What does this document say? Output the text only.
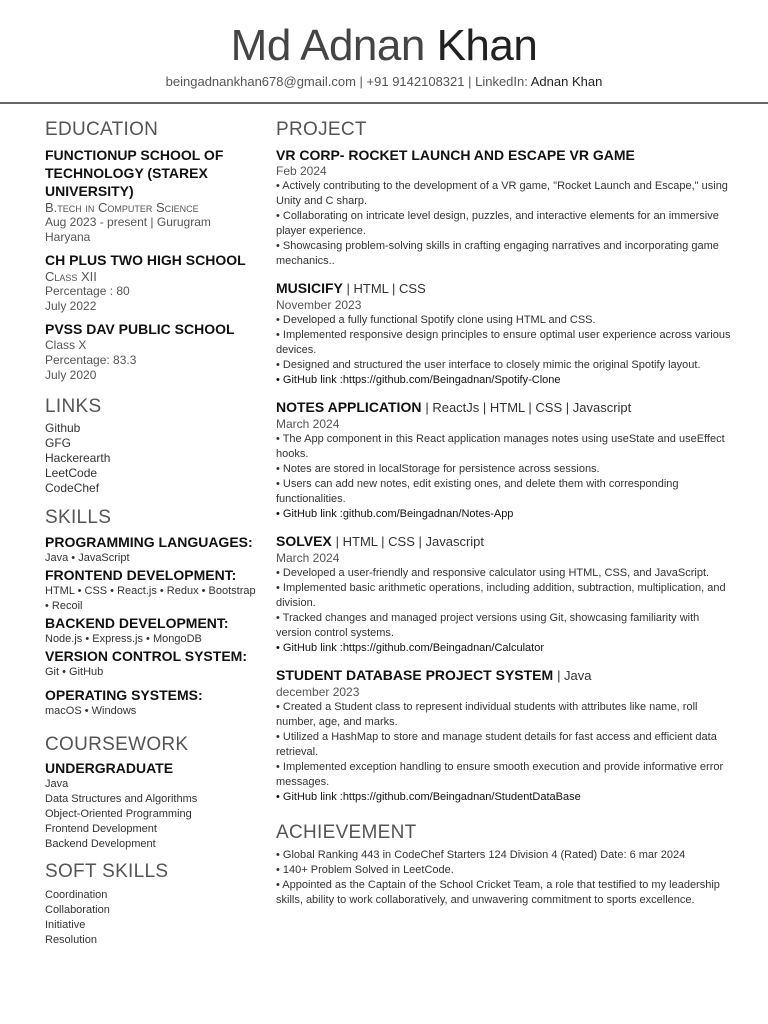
Md Adnan Khan
beingadnankhan678@gmail.com | +91 9142108321 | LinkedIn: Adnan Khan
EDUCATION
FUNCTIONUP SCHOOL OF TECHNOLOGY (STAREX UNIVERSITY)
B.tech in Computer Science
Aug 2023 - present | Gurugram
Haryana
CH PLUS TWO HIGH SCHOOL
Class XII
Percentage : 80
July 2022
PVSS DAV PUBLIC SCHOOL
Class X
Percentage: 83.3
July 2020
LINKS
Github
GFG
Hackerearth
LeetCode
CodeChef
SKILLS
PROGRAMMING LANGUAGES:
Java • JavaScript
FRONTEND DEVELOPMENT:
HTML • CSS • React.js • Redux • Bootstrap • Recoil
BACKEND DEVELOPMENT:
Node.js • Express.js • MongoDB
VERSION CONTROL SYSTEM:
Git • GitHub
OPERATING SYSTEMS:
macOS • Windows
COURSEWORK
UNDERGRADUATE
Java
Data Structures and Algorithms
Object-Oriented Programming
Frontend Development
Backend Development
SOFT SKILLS
Coordination
Collaboration
Initiative
Resolution
PROJECT
VR CORP- ROCKET LAUNCH AND ESCAPE VR GAME
Feb 2024
• Actively contributing to the development of a VR game, "Rocket Launch and Escape," using Unity and C sharp.
• Collaborating on intricate level design, puzzles, and interactive elements for an immersive player experience.
• Showcasing problem-solving skills in crafting engaging narratives and incorporating game mechanics..
MUSICIFY | HTML | CSS
November 2023
• Developed a fully functional Spotify clone using HTML and CSS.
• Implemented responsive design principles to ensure optimal user experience across various devices.
• Designed and structured the user interface to closely mimic the original Spotify layout.
• GitHub link :https://github.com/Beingadnan/Spotify-Clone
NOTES APPLICATION | ReactJs | HTML | CSS | Javascript
March 2024
• The App component in this React application manages notes using useState and useEffect hooks.
• Notes are stored in localStorage for persistence across sessions.
• Users can add new notes, edit existing ones, and delete them with corresponding functionalities.
• GitHub link :github.com/Beingadnan/Notes-App
SOLVEX | HTML | CSS | Javascript
March 2024
• Developed a user-friendly and responsive calculator using HTML, CSS, and JavaScript.
• Implemented basic arithmetic operations, including addition, subtraction, multiplication, and division.
• Tracked changes and managed project versions using Git, showcasing familiarity with version control systems.
• GitHub link :https://github.com/Beingadnan/Calculator
STUDENT DATABASE PROJECT SYSTEM | Java
december 2023
• Created a Student class to represent individual students with attributes like name, roll number, age, and marks.
• Utilized a HashMap to store and manage student details for fast access and efficient data retrieval.
• Implemented exception handling to ensure smooth execution and provide informative error messages.
• GitHub link :https://github.com/Beingadnan/StudentDataBase
ACHIEVEMENT
• Global Ranking 443 in CodeChef Starters 124 Division 4 (Rated) Date: 6 mar 2024
• 140+ Problem Solved in LeetCode.
• Appointed as the Captain of the School Cricket Team, a role that testified to my leadership skills, ability to work collaboratively, and unwavering commitment to sports excellence.
